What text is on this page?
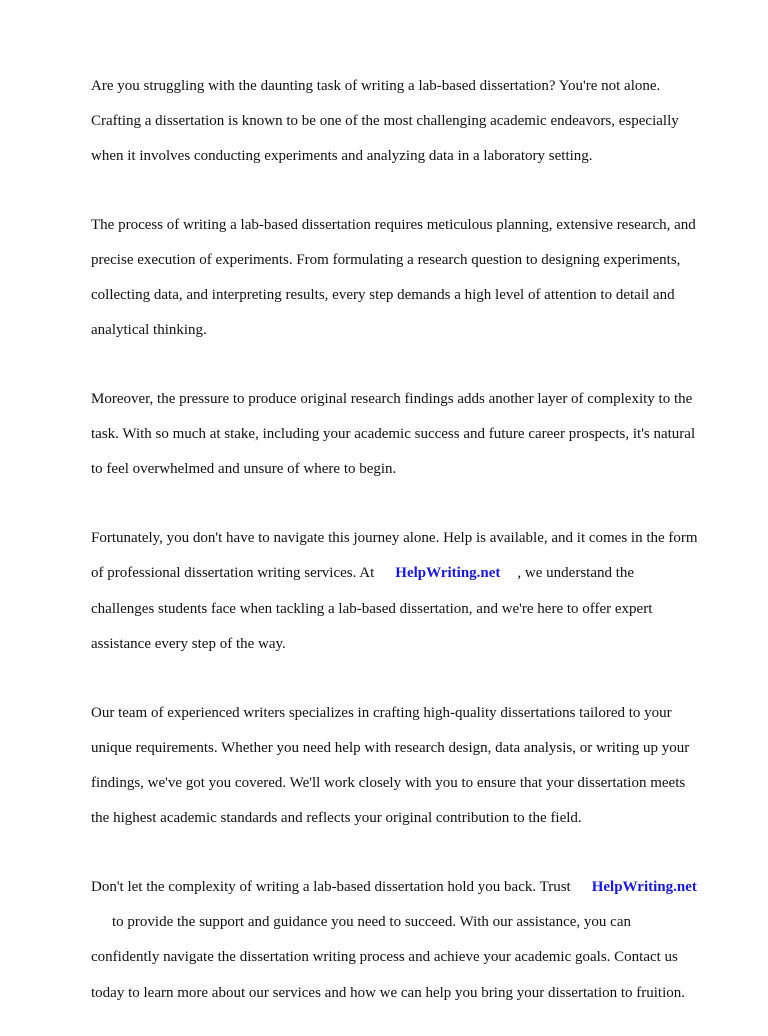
Are you struggling with the daunting task of writing a lab-based dissertation? You're not alone.

Crafting a dissertation is known to be one of the most challenging academic endeavors, especially

when it involves conducting experiments and analyzing data in a laboratory setting.

The process of writing a lab-based dissertation requires meticulous planning, extensive research, and

precise execution of experiments. From formulating a research question to designing experiments,

collecting data, and interpreting results, every step demands a high level of attention to detail and

analytical thinking.

Moreover, the pressure to produce original research findings adds another layer of complexity to the

task. With so much at stake, including your academic success and future career prospects, it's natural

to feel overwhelmed and unsure of where to begin.

Fortunately, you don't have to navigate this journey alone. Help is available, and it comes in the form

of professional dissertation writing services. At HelpWriting.net , we understand the

challenges students face when tackling a lab-based dissertation, and we're here to offer expert

assistance every step of the way.

Our team of experienced writers specializes in crafting high-quality dissertations tailored to your

unique requirements. Whether you need help with research design, data analysis, or writing up your

findings, we've got you covered. We'll work closely with you to ensure that your dissertation meets

the highest academic standards and reflects your original contribution to the field.

Don't let the complexity of writing a lab-based dissertation hold you back. Trust HelpWriting.net

to provide the support and guidance you need to succeed. With our assistance, you can

confidently navigate the dissertation writing process and achieve your academic goals. Contact us

today to learn more about our services and how we can help you bring your dissertation to fruition.
